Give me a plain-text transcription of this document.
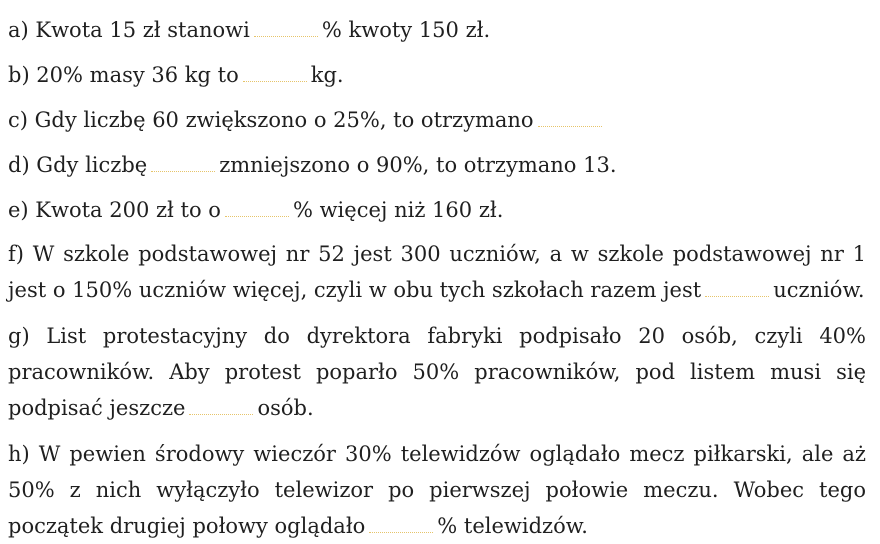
a) Kwota 15 zł stanowi	% kwoty 150 zł.
b) 20% masy 36 kg to	kg.
c) Gdy liczbę 60 zwiększono o 25%, to otrzymano
d) Gdy liczbę	zmniejszono o 90%, to otrzymano 13.
e) Kwota 200 zł to o	% więcej niż 160 zł.
f) W szkole podstawowej nr 52 jest 300 uczniów, a w szkole podstawowej nr 1 jest o 150% uczniów więcej, czyli w obu tych szkołach razem jest	uczniów.
g) List protestacyjny do dyrektora fabryki podpisało 20 osób, czyli 40% pracowników. Aby protest poparło 50% pracowników, pod listem musi się podpisać jeszcze	osób.
h) W pewien środowy wieczór 30% telewidzów oglądało mecz piłkarski, ale aż 50% z nich wyłączyło telewizor po pierwszej połowie meczu. Wobec tego początek drugiej połowy oglądało	% telewidzów.
